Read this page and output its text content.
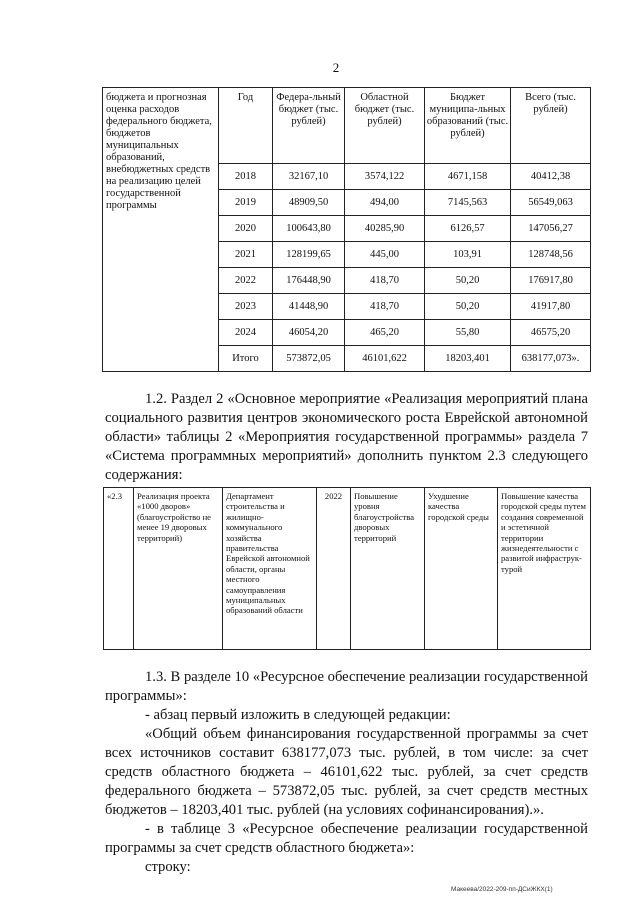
2
бюджета и прогнозная оценка расходов федерального бюджета, бюджетов муниципальных образований, внебюджетных средств на реализацию целей государственной программы	Год	Федера-льный бюджет (тыс. рублей)	Областной бюджет (тыс. рублей)	Бюджет муниципа-льных образований (тыс. рублей)	Всего (тыс. рублей)
	2018	32167,10	3574,122	4671,158	40412,38
	2019	48909,50	494,00	7145,563	56549,063
	2020	100643,80	40285,90	6126,57	147056,27
	2021	128199,65	445,00	103,91	128748,56
	2022	176448,90	418,70	50,20	176917,80
	2023	41448,90	418,70	50,20	41917,80
	2024	46054,20	465,20	55,80	46575,20
	Итого	573872,05	46101,622	18203,401	638177,073».
1.2. Раздел 2 «Основное мероприятие «Реализация мероприятий плана
социального развития центров экономического роста Еврейской автономной
области» таблицы 2 «Мероприятия государственной программы» раздела 7
«Система программных мероприятий» дополнить пунктом 2.3 следующего
содержания:
«2.3	Реализация проекта «1000 дворов» (благоустройство не менее 19 дворовых территорий)	Департамент строительства и жилищно-коммунального хозяйства правительства Еврейской автономной области, органы местного самоуправления муниципальных образований области	2022	Повышение уровня благоустройства дворовых территорий	Ухудшение качества городской среды	Повышение качества городской среды путем создания современной и эстетичной территории жизнедеятельности с развитой инфраструк-турой
1.3. В разделе 10 «Ресурсное обеспечение реализации государственной
программы»:
- абзац первый изложить в следующей редакции:
«Общий объем финансирования государственной программы за счет
всех источников составит 638177,073 тыс. рублей, в том числе: за счет
средств областного бюджета – 46101,622 тыс. рублей, за счет средств
федерального бюджета – 573872,05 тыс. рублей, за счет средств местных
бюджетов – 18203,401 тыс. рублей (на условиях софинансирования).».
- в таблице 3 «Ресурсное обеспечение реализации государственной
программы за счет средств областного бюджета»:
строку:
Макеева/2022-209-пп-ДСиЖКХ(1)
